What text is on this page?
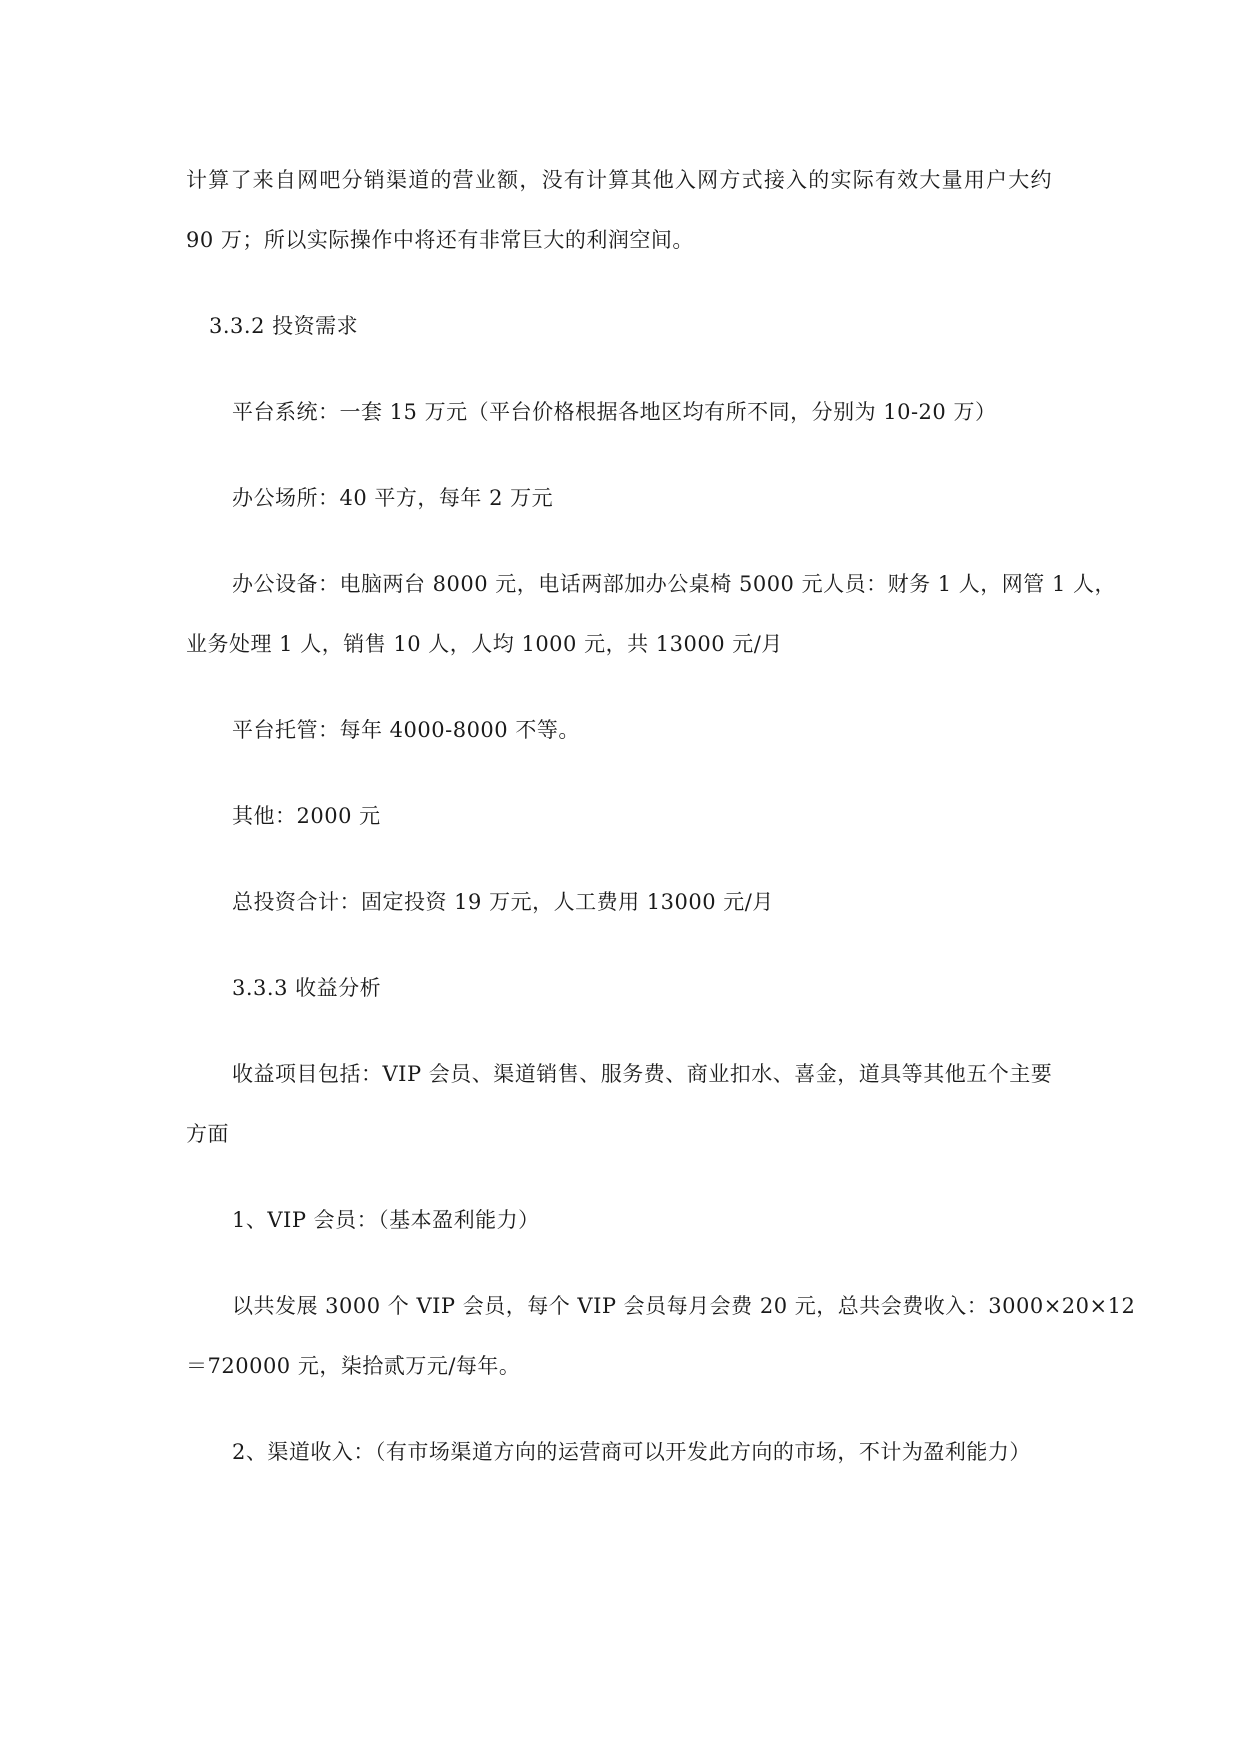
计算了来自网吧分销渠道的营业额，没有计算其他入网方式接入的实际有效大量用户大约
90 万；所以实际操作中将还有非常巨大的利润空间。
3.3.2 投资需求
平台系统：一套 15 万元（平台价格根据各地区均有所不同，分别为 10-20 万）
办公场所：40 平方，每年 2 万元
办公设备：电脑两台 8000 元，电话两部加办公桌椅 5000 元人员：财务 1 人，网管 1 人，
业务处理 1 人，销售 10 人，人均 1000 元，共 13000 元/月
平台托管：每年 4000-8000 不等。
其他：2000 元
总投资合计：固定投资 19 万元，人工费用 13000 元/月
3.3.3 收益分析
收益项目包括：VIP 会员、渠道销售、服务费、商业扣水、喜金，道具等其他五个主要
方面
1、VIP 会员：（基本盈利能力）
以共发展 3000 个 VIP 会员，每个 VIP 会员每月会费 20 元，总共会费收入：3000×20×12
＝720000 元，柒拾贰万元/每年。
2、渠道收入：（有市场渠道方向的运营商可以开发此方向的市场，不计为盈利能力）
